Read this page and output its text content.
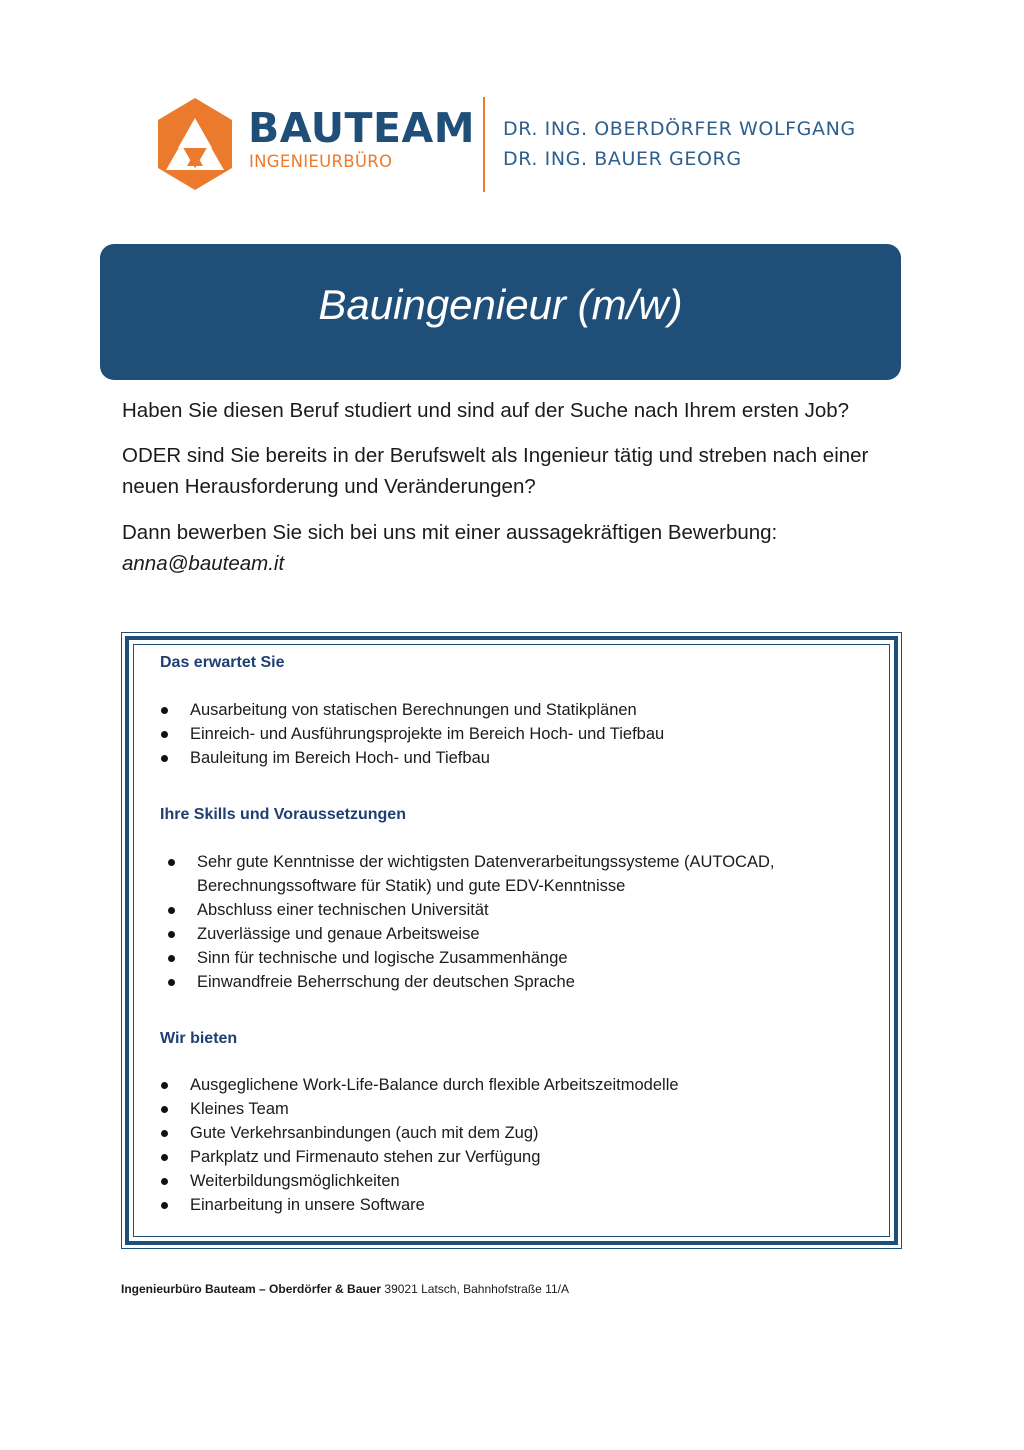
BAUTEAM
INGENIEURBÜRO
DR. ING. OBERDÖRFER WOLFGANG
DR. ING. BAUER GEORG
Bauingenieur (m/w)
Haben Sie diesen Beruf studiert und sind auf der Suche nach Ihrem ersten Job?
ODER sind Sie bereits in der Berufswelt als Ingenieur tätig und streben nach einer neuen Herausforderung und Veränderungen?
Dann bewerben Sie sich bei uns mit einer aussagekräftigen Bewerbung:
anna@bauteam.it
Das erwartet Sie
Ausarbeitung von statischen Berechnungen und Statikplänen
Einreich- und Ausführungsprojekte im Bereich Hoch- und Tiefbau
Bauleitung im Bereich Hoch- und Tiefbau
Ihre Skills und Voraussetzungen
Sehr gute Kenntnisse der wichtigsten Datenverarbeitungssysteme (AUTOCAD, Berechnungssoftware für Statik) und gute EDV-Kenntnisse
Abschluss einer technischen Universität
Zuverlässige und genaue Arbeitsweise
Sinn für technische und logische Zusammenhänge
Einwandfreie Beherrschung der deutschen Sprache
Wir bieten
Ausgeglichene Work-Life-Balance durch flexible Arbeitszeitmodelle
Kleines Team
Gute Verkehrsanbindungen (auch mit dem Zug)
Parkplatz und Firmenauto stehen zur Verfügung
Weiterbildungsmöglichkeiten
Einarbeitung in unsere Software
Ingenieurbüro Bauteam – Oberdörfer & Bauer 39021 Latsch, Bahnhofstraße 11/A
